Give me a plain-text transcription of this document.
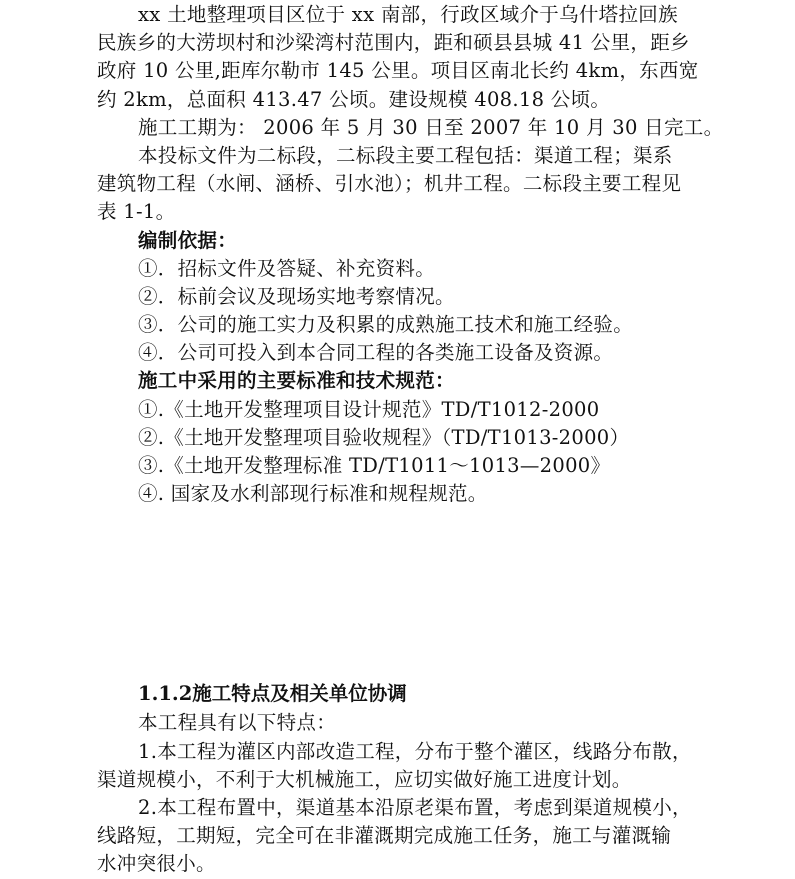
xx 土地整理项目区位于 xx 南部，行政区域介于乌什塔拉回族
民族乡的大涝坝村和沙梁湾村范围内，距和硕县县城 41 公里，距乡
政府 10 公里,距库尔勒市 145 公里。项目区南北长约 4km，东西宽
约 2km，总面积 413.47 公顷。建设规模 408.18 公顷。
施工工期为： 2006 年 5 月 30 日至 2007 年 10 月 30 日完工。
本投标文件为二标段，二标段主要工程包括：渠道工程；渠系
建筑物工程（水闸、涵桥、引水池）；机井工程。二标段主要工程见
表 1-1。
编制依据：
①．招标文件及答疑、补充资料。
②．标前会议及现场实地考察情况。
③．公司的施工实力及积累的成熟施工技术和施工经验。
④．公司可投入到本合同工程的各类施工设备及资源。
施工中采用的主要标准和技术规范：
①.《土地开发整理项目设计规范》TD/T1012-2000
②.《土地开发整理项目验收规程》（TD/T1013-2000）
③.《土地开发整理标准 TD/T1011～1013—2000》
④. 国家及水利部现行标准和规程规范。
1.1.2施工特点及相关单位协调
本工程具有以下特点：
1.本工程为灌区内部改造工程，分布于整个灌区，线路分布散，
渠道规模小，不利于大机械施工，应切实做好施工进度计划。
2.本工程布置中，渠道基本沿原老渠布置，考虑到渠道规模小，
线路短，工期短，完全可在非灌溉期完成施工任务，施工与灌溉输
水冲突很小。
